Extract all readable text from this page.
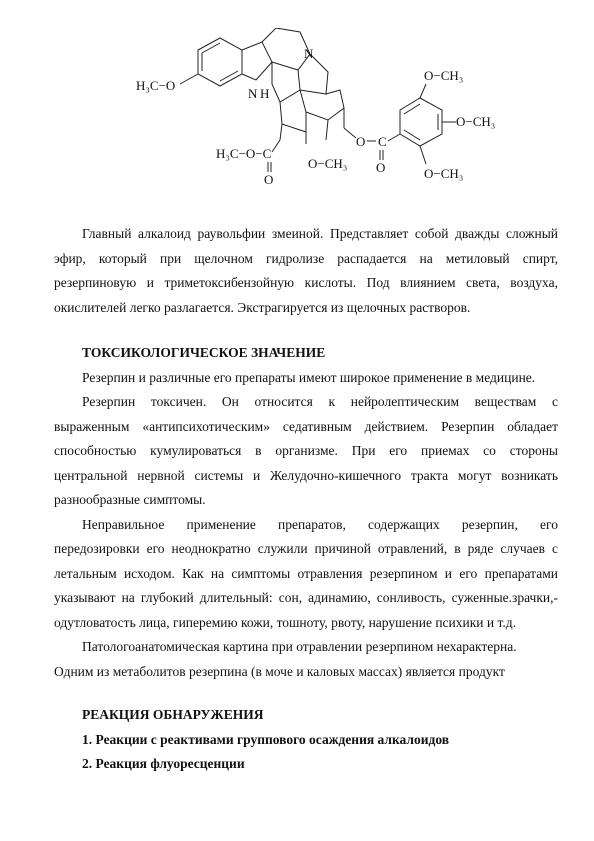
H₃C−O
N H
N
H₃C−O−C
O
O−CH₃
O C
O
O−CH₃
O−CH₃
O−CH₃

Главный алкалоид раувольфии змеиной. Представляет собой дважды сложный

эфир, который при щелочном гидролизе распадается на метиловый спирт,

резерпиновую и триметоксибензойную кислоты. Под влиянием света, воздуха,

окислителей легко разлагается. Экстрагируется из щелочных растворов.

ТОКСИКОЛОГИЧЕСКОЕ ЗНАЧЕНИЕ

Резерпин и различные его препараты имеют широкое применение в медицине.

Резерпин токсичен. Он относится к нейролептическим веществам с

выраженным «антипсихотическим» седативным действием. Резерпин обладает

способностью кумулироваться в организме. При его приемах со стороны

центральной нервной системы и Желудочно-кишечного тракта могут возникать

разнообразные симптомы.

Неправильное применение препаратов, содержащих резерпин, его

передозировки его неоднократно служили причиной отравлений, в ряде случаев с

летальным исходом. Как на симптомы отравления резерпином и его препаратами

указывают на глубокий длительный: сон, адинамию, сонливость, суженные.зрачки,-

одутловатость лица, гиперемию кожи, тошноту, рвоту, нарушение психики и т.д.

Патологоанатомическая картина при отравлении резерпином нехарактерна.

Одним из метаболитов резерпина (в моче и каловых массах) является продукт

РЕАКЦИЯ ОБНАРУЖЕНИЯ

1. Реакции с реактивами группового осаждения алкалоидов

2. Реакция флуоресценции
